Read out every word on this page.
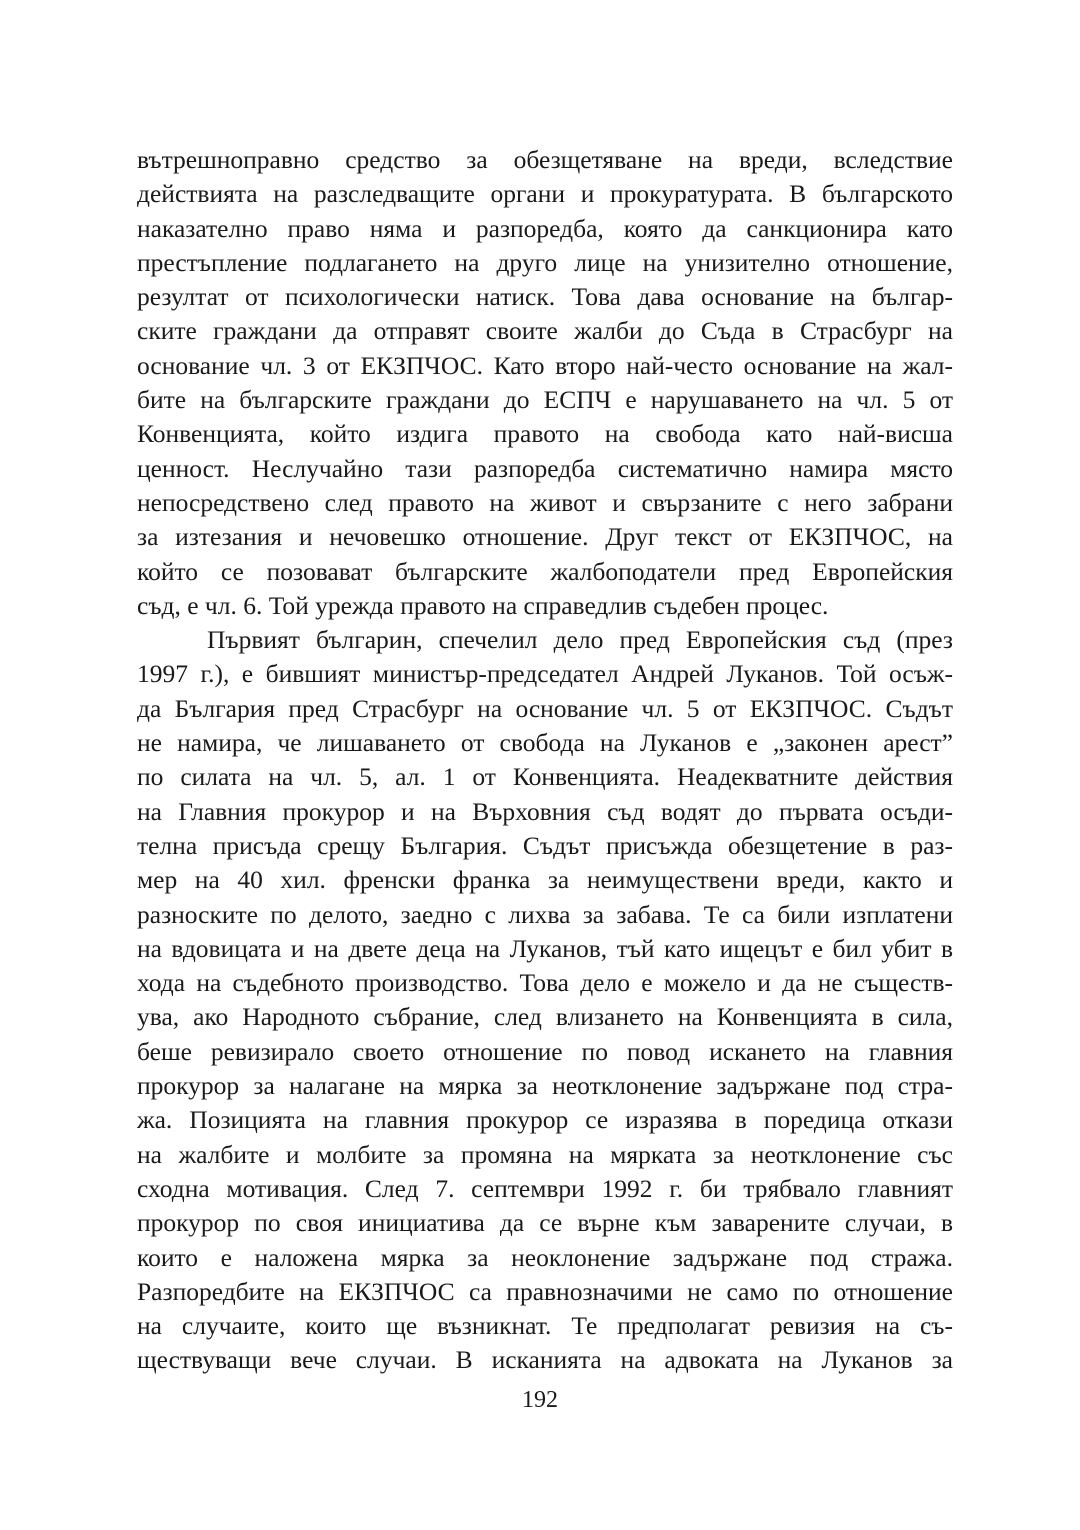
вътрешноправно средство за обезщетяване на вреди, вследствие
действията на разследващите органи и прокуратурата. В българското
наказателно право няма и разпоредба, която да санкционира като
престъпление подлагането на друго лице на унизително отношение,
резултат от психологически натиск. Това дава основание на българ-
ските граждани да отправят своите жалби до Съда в Страсбург на
основание чл. 3 от ЕКЗПЧОС. Като второ най-често основание на жал-
бите на българските граждани до ЕСПЧ е нарушаването на чл. 5 от
Конвенцията, който издига правото на свобода като най-висша
ценност. Неслучайно тази разпоредба систематично намира място
непосредствено след правото на живот и свързаните с него забрани
за изтезания и нечовешко отношение. Друг текст от ЕКЗПЧОС, на
който се позовават българските жалбоподатели пред Европейския
съд, е чл. 6. Той урежда правото на справедлив съдебен процес.
Първият българин, спечелил дело пред Европейския съд (през
1997 г.), е бившият министър-председател Андрей Луканов. Той осъж-
да България пред Страсбург на основание чл. 5 от ЕКЗПЧОС. Съдът
не намира, че лишаването от свобода на Луканов е „законен арест”
по силата на чл. 5, ал. 1 от Конвенцията. Неадекватните действия
на Главния прокурор и на Върховния съд водят до първата осъди-
телна присъда срещу България. Съдът присъжда обезщетение в раз-
мер на 40 хил. френски франка за неимуществени вреди, както и
разноските по делото, заедно с лихва за забава. Те са били изплатени
на вдовицата и на двете деца на Луканов, тъй като ищецът е бил убит в
хода на съдебното производство. Това дело е можело и да не съществ-
ува, ако Народното събрание, след влизането на Конвенцията в сила,
беше ревизирало своето отношение по повод искането на главния
прокурор за налагане на мярка за неотклонение задържане под стра-
жа. Позицията на главния прокурор се изразява в поредица откази
на жалбите и молбите за промяна на мярката за неотклонение със
сходна мотивация. След 7. септември 1992 г. би трябвало главният
прокурор по своя инициатива да се върне към заварените случаи, в
които е наложена мярка за неоклонение задържане под стража.
Разпоредбите на ЕКЗПЧОС са правнозначими не само по отношение
на случаите, които ще възникнат. Те предполагат ревизия на съ-
ществуващи вече случаи. В исканията на адвоката на Луканов за
192
